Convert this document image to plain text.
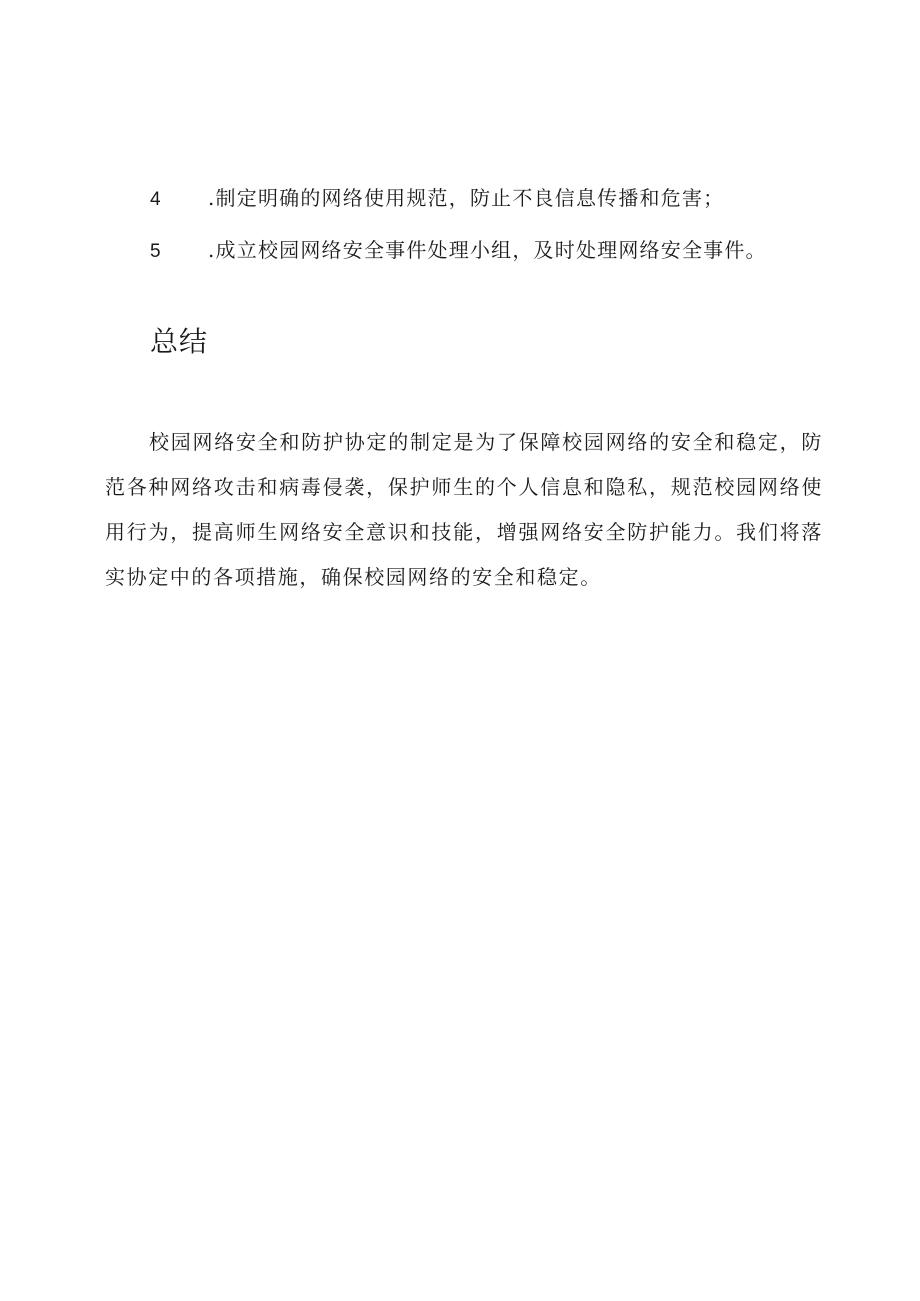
4	.制定明确的网络使用规范，防止不良信息传播和危害；
5	.成立校园网络安全事件处理小组，及时处理网络安全事件。
总结

校园网络安全和防护协定的制定是为了保障校园网络的安全和稳定，防范各种网络攻击和病毒侵袭，保护师生的个人信息和隐私，规范校园网络使用行为，提高师生网络安全意识和技能，增强网络安全防护能力。我们将落实协定中的各项措施，确保校园网络的安全和稳定。
